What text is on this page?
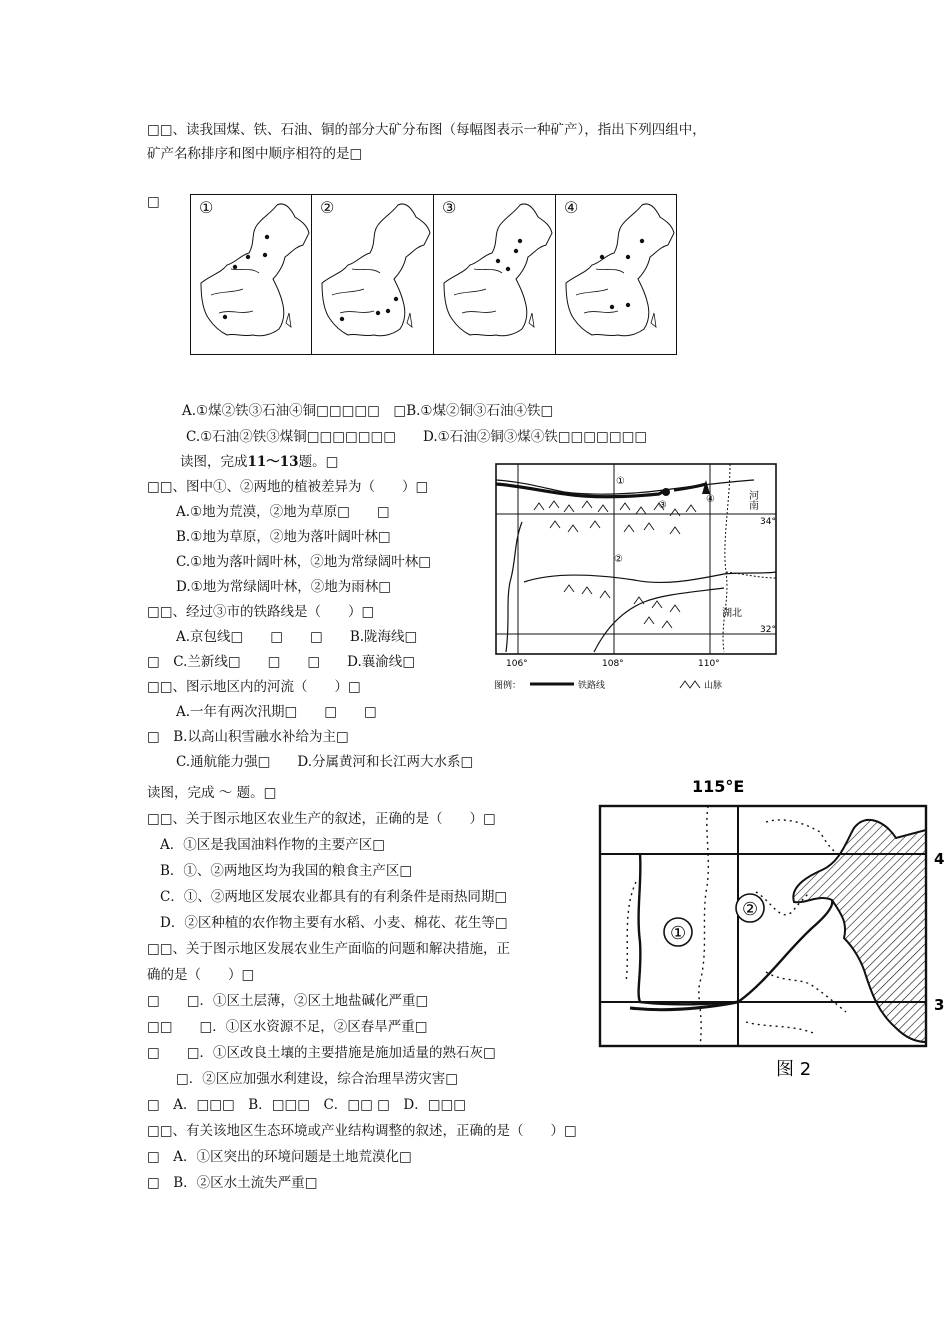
□□、读我国煤、铁、石油、铜的部分大矿分布图（每幅图表示一种矿产），指出下列四组中，
矿产名称排序和图中顺序相符的是□
□ ①	②	③	④
A.①煤②铁③石油④铜□□□□□　□B.①煤②铜③石油④铁□
C.①石油②铁③煤铜□□□□□□□　　D.①石油②铜③煤④铁□□□□□□□
读图，完成11～13题。□
□□、图中①、②两地的植被差异为（　　）□
A.①地为荒漠，②地为草原□　　□
B.①地为草原，②地为落叶阔叶林□
C.①地为落叶阔叶林，②地为常绿阔叶林□
D.①地为常绿阔叶林，②地为雨林□
□□、经过③市的铁路线是（　　）□
A.京包线□　　□　　□　　B.陇海线□
□　C.兰新线□　　□　　□　　D.襄渝线□
□□、图示地区内的河流（　　）□
A.一年有两次汛期□　　□　　□
□　B.以高山积雪融水补给为主□
C.通航能力强□　　D.分属黄河和长江两大水系□
①
③
④
②
河南
湖北
34°
32°
106°	108°	110°
图例：	铁路线	山脉
读图，完成 ～ 题。□
□□、关于图示地区农业生产的叙述，正确的是（　　）□
A．①区是我国油料作物的主要产区□
B．①、②两地区均为我国的粮食主产区□
C．①、②两地区发展农业都具有的有利条件是雨热同期□
D．②区种植的农作物主要有水稻、小麦、棉花、花生等□
□□、关于图示地区发展农业生产面临的问题和解决措施，正
确的是（　　）□
□　　□．①区土层薄，②区土地盐碱化严重□
□□　　□．①区水资源不足，②区春旱严重□
□　　□．①区改良土壤的主要措施是施加适量的熟石灰□
□．②区应加强水利建设，综合治理旱涝灾害□
□　A．□□□　B．□□□　C．□□ □　D．□□□
□□、有关该地区生态环境或产业结构调整的叙述，正确的是（　　）□
□　A．①区突出的环境问题是土地荒漠化□
□　B．②区水土流失严重□
115°E
①
②
4
3
图 2
